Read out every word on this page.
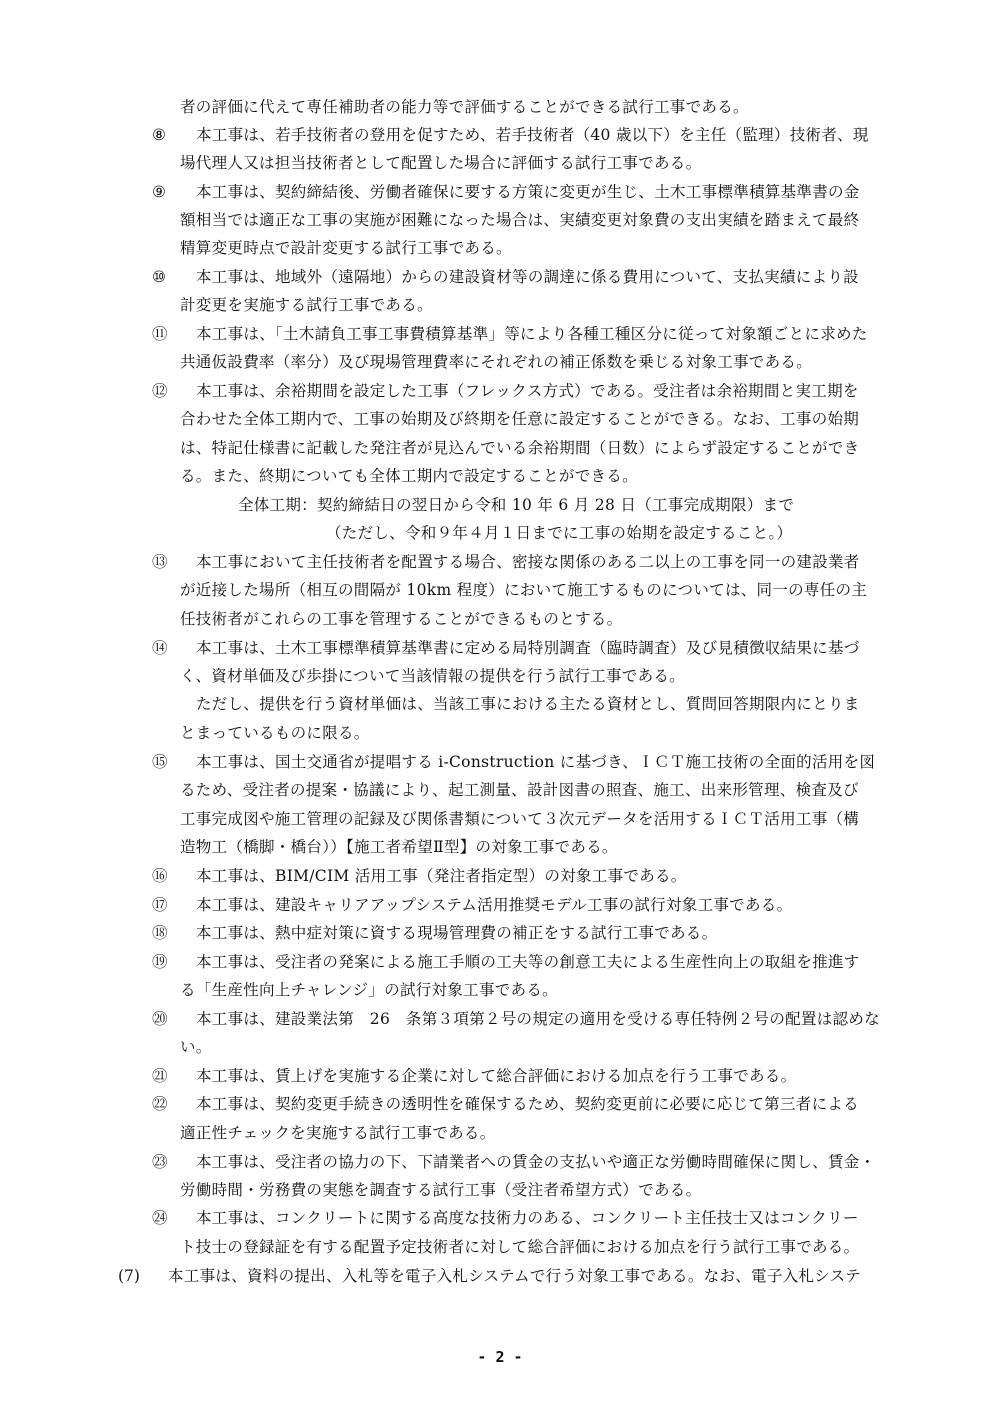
者の評価に代えて専任補助者の能力等で評価することができる試行工事である。
⑧ 本工事は、若手技術者の登用を促すため、若手技術者（40 歳以下）を主任（監理）技術者、現
場代理人又は担当技術者として配置した場合に評価する試行工事である。
⑨ 本工事は、契約締結後、労働者確保に要する方策に変更が生じ、土木工事標準積算基準書の金
額相当では適正な工事の実施が困難になった場合は、実績変更対象費の支出実績を踏まえて最終
精算変更時点で設計変更する試行工事である。
⑩ 本工事は、地域外（遠隔地）からの建設資材等の調達に係る費用について、支払実績により設
計変更を実施する試行工事である。
⑪ 本工事は、「土木請負工事工事費積算基準」等により各種工種区分に従って対象額ごとに求めた
共通仮設費率（率分）及び現場管理費率にそれぞれの補正係数を乗じる対象工事である。
⑫ 本工事は、余裕期間を設定した工事（フレックス方式）である。受注者は余裕期間と実工期を
合わせた全体工期内で、工事の始期及び終期を任意に設定することができる。なお、工事の始期
は、特記仕様書に記載した発注者が見込んでいる余裕期間（日数）によらず設定することができ
る。また、終期についても全体工期内で設定することができる。
全体工期：契約締結日の翌日から令和 10 年 6 月 28 日（工事完成期限）まで
（ただし、令和９年４月１日までに工事の始期を設定すること。）
⑬ 本工事において主任技術者を配置する場合、密接な関係のある二以上の工事を同一の建設業者
が近接した場所（相互の間隔が 10km 程度）において施工するものについては、同一の専任の主
任技術者がこれらの工事を管理することができるものとする。
⑭ 本工事は、土木工事標準積算基準書に定める局特別調査（臨時調査）及び見積徴収結果に基づ
く、資材単価及び歩掛について当該情報の提供を行う試行工事である。
ただし、提供を行う資材単価は、当該工事における主たる資材とし、質問回答期限内にとりま
とまっているものに限る。
⑮ 本工事は、国土交通省が提唱する i-Construction に基づき、ＩＣＴ施工技術の全面的活用を図
るため、受注者の提案・協議により、起工測量、設計図書の照査、施工、出来形管理、検査及び
工事完成図や施工管理の記録及び関係書類について３次元データを活用するＩＣＴ活用工事（構
造物工（橋脚・橋台））【施工者希望Ⅱ型】の対象工事である。
⑯ 本工事は、BIM/CIM 活用工事（発注者指定型）の対象工事である。
⑰ 本工事は、建設キャリアアップシステム活用推奨モデル工事の試行対象工事である。
⑱ 本工事は、熱中症対策に資する現場管理費の補正をする試行工事である。
⑲ 本工事は、受注者の発案による施工手順の工夫等の創意工夫による生産性向上の取組を推進す
る「生産性向上チャレンジ」の試行対象工事である。
⑳ 本工事は、建設業法第　26　条第３項第２号の規定の適用を受ける専任特例２号の配置は認めな
い。
㉑ 本工事は、賃上げを実施する企業に対して総合評価における加点を行う工事である。
㉒ 本工事は、契約変更手続きの透明性を確保するため、契約変更前に必要に応じて第三者による
適正性チェックを実施する試行工事である。
㉓ 本工事は、受注者の協力の下、下請業者への賃金の支払いや適正な労働時間確保に関し、賃金・
労働時間・労務費の実態を調査する試行工事（受注者希望方式）である。
㉔ 本工事は、コンクリートに関する高度な技術力のある、コンクリート主任技士又はコンクリー
ト技士の登録証を有する配置予定技術者に対して総合評価における加点を行う試行工事である。
(7) 本工事は、資料の提出、入札等を電子入札システムで行う対象工事である。なお、電子入札システ
- 2 -
